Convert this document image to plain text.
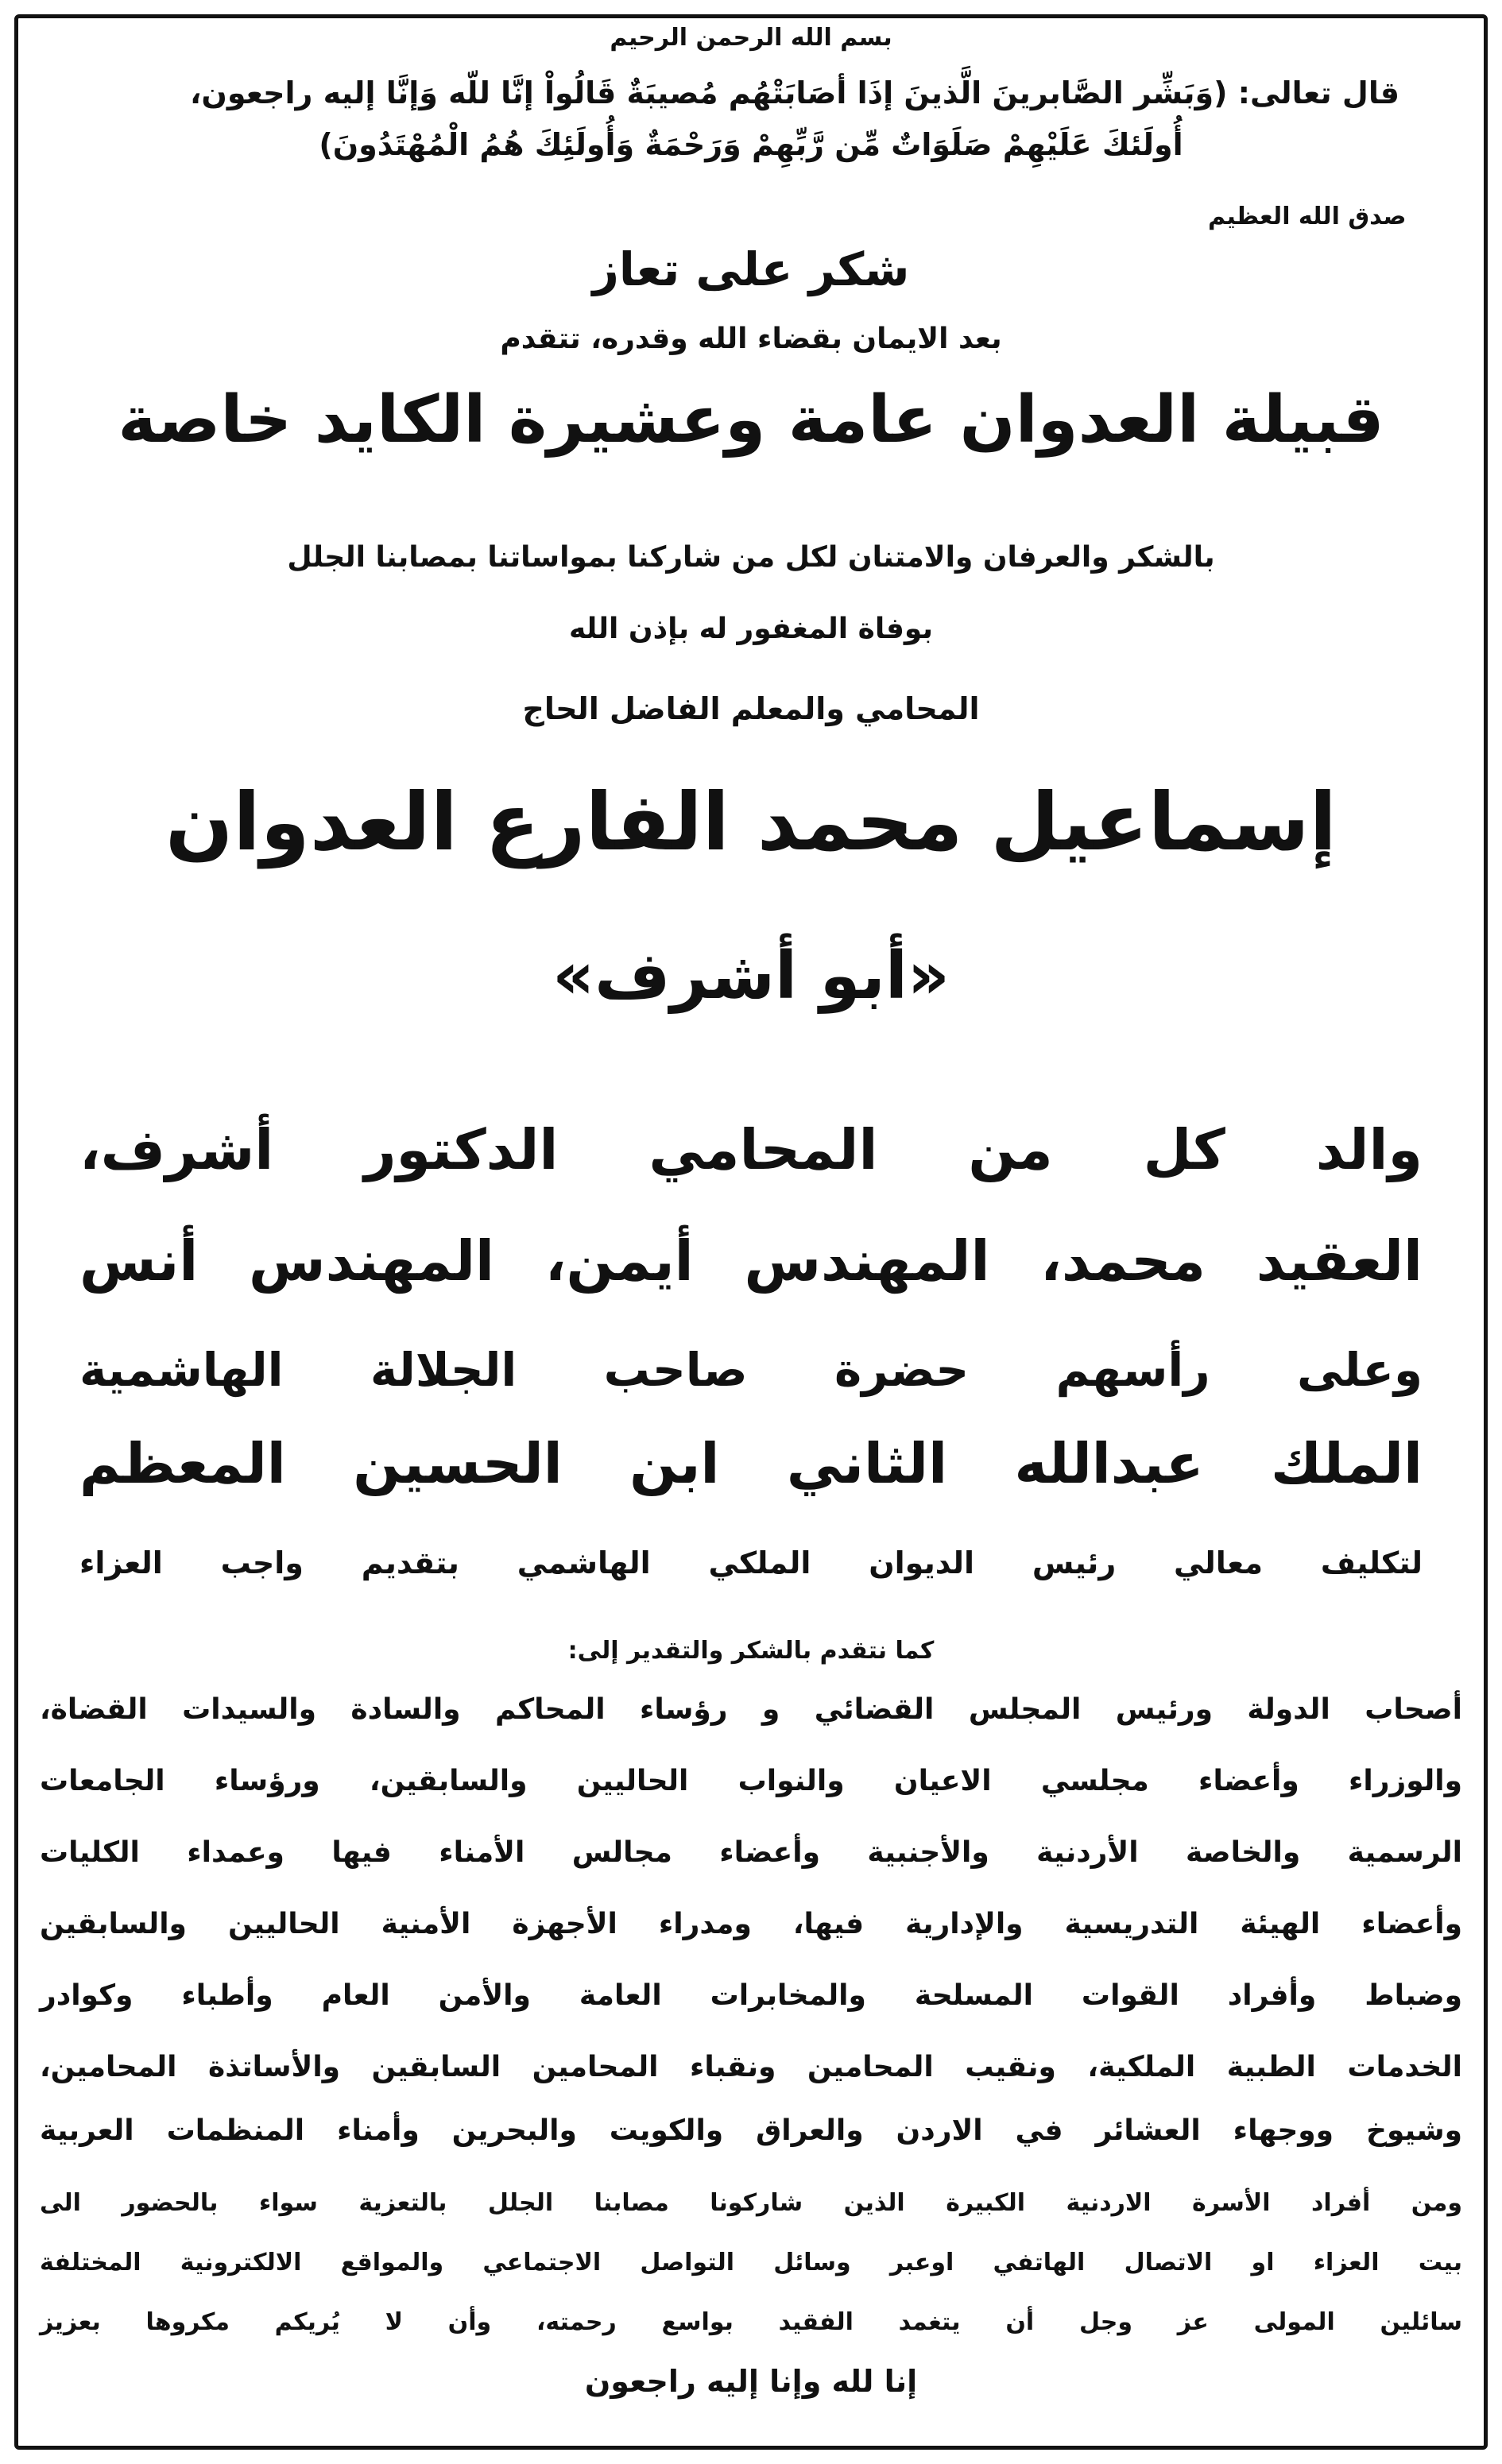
بسم الله الرحمن الرحيم
قال تعالى: (وَبَشِّر الصَّابرينَ الَّذينَ إذَا أصَابَتْهُم مُصيبَةٌ قَالُواْ إنَّا للّه وَإنَّا إليه راجعون،
أُولَئكَ عَلَيْهِمْ صَلَوَاتٌ مِّن رَّبِّهِمْ وَرَحْمَةٌ وَأُولَئِكَ هُمُ الْمُهْتَدُونَ)
صدق الله العظيم
شكر على تعاز
بعد الايمان بقضاء الله وقدره، تتقدم
قبيلة العدوان عامة وعشيرة الكايد خاصة
بالشكر والعرفان والامتنان لكل من شاركنا بمواساتنا بمصابنا الجلل
بوفاة المغفور له بإذن الله
المحامي والمعلم الفاضل الحاج
إسماعيل محمد الفارع العدوان
«أبو أشرف»
والد كل من المحامي الدكتور أشرف،
العقيد محمد، المهندس أيمن، المهندس أنس
وعلى رأسهم حضرة صاحب الجلالة الهاشمية
الملك عبدالله الثاني ابن الحسين المعظم
لتكليف معالي رئيس الديوان الملكي الهاشمي بتقديم واجب العزاء
كما نتقدم بالشكر والتقدير إلى:
أصحاب الدولة ورئيس المجلس القضائي و رؤساء المحاكم والسادة والسيدات القضاة،
والوزراء وأعضاء مجلسي الاعيان والنواب الحاليين والسابقين، ورؤساء الجامعات
الرسمية والخاصة الأردنية والأجنبية وأعضاء مجالس الأمناء فيها وعمداء الكليات
وأعضاء الهيئة التدريسية والإدارية فيها، ومدراء الأجهزة الأمنية الحاليين والسابقين
وضباط وأفراد القوات المسلحة والمخابرات العامة والأمن العام وأطباء وكوادر
الخدمات الطبية الملكية، ونقيب المحامين ونقباء المحامين السابقين والأساتذة المحامين،
وشيوخ ووجهاء العشائر في الاردن والعراق والكويت والبحرين وأمناء المنظمات العربية
ومن أفراد الأسرة الاردنية الكبيرة الذين شاركونا مصابنا الجلل بالتعزية سواء بالحضور الى
بيت العزاء او الاتصال الهاتفي اوعبر وسائل التواصل الاجتماعي والمواقع الالكترونية المختلفة
سائلين المولى عز وجل أن يتغمد الفقيد بواسع رحمته، وأن لا يُريكم مكروها بعزيز
إنا لله وإنا إليه راجعون
